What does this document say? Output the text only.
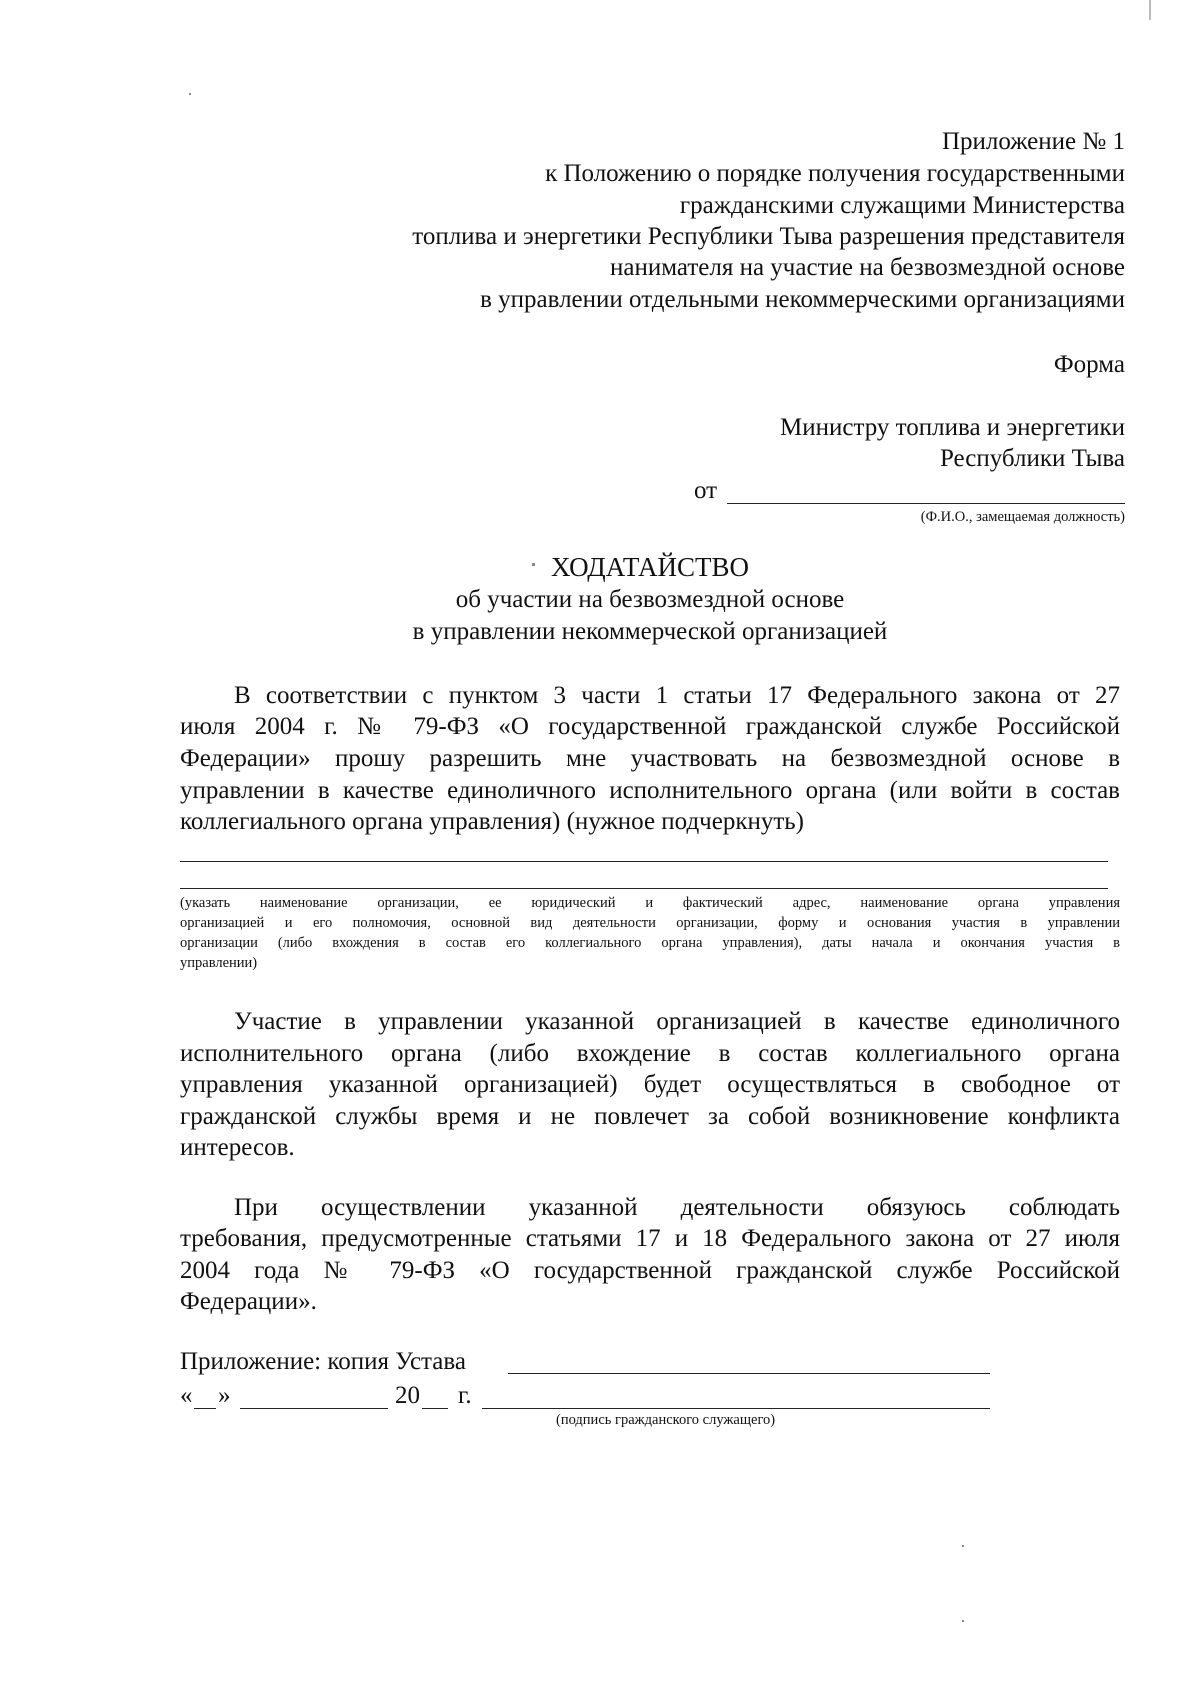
Приложение № 1
к Положению о порядке получения государственными
гражданскими служащими Министерства
топлива и энергетики Республики Тыва разрешения представителя
нанимателя на участие на безвозмездной основе
в управлении отдельными некоммерческими организациями
Форма
Министру топлива и энергетики
Республики Тыва
от
(Ф.И.О., замещаемая должность)
ХОДАТАЙСТВО
об участии на безвозмездной основе
в управлении некоммерческой организацией
В соответствии с пунктом 3 части 1 статьи 17 Федерального закона от 27
июля 2004 г. № 79-ФЗ «О государственной гражданской службе Российской
Федерации» прошу разрешить мне участвовать на безвозмездной основе в
управлении в качестве единоличного исполнительного органа (или войти в состав
коллегиального органа управления) (нужное подчеркнуть)
(указать наименование организации, ее юридический и фактический адрес, наименование органа управления
организацией и его полномочия, основной вид деятельности организации, форму и основания участия в управлении
организации (либо вхождения в состав его коллегиального органа управления), даты начала и окончания участия в
управлении)
Участие в управлении указанной организацией в качестве единоличного
исполнительного органа (либо вхождение в состав коллегиального органа
управления указанной организацией) будет осуществляться в свободное от
гражданской службы время и не повлечет за собой возникновение конфликта
интересов.
При осуществлении указанной деятельности обязуюсь соблюдать
требования, предусмотренные статьями 17 и 18 Федерального закона от 27 июля
2004 года № 79-ФЗ «О государственной гражданской службе Российской
Федерации».
Приложение: копия Устава
« »	20 г.
(подпись гражданского служащего)
